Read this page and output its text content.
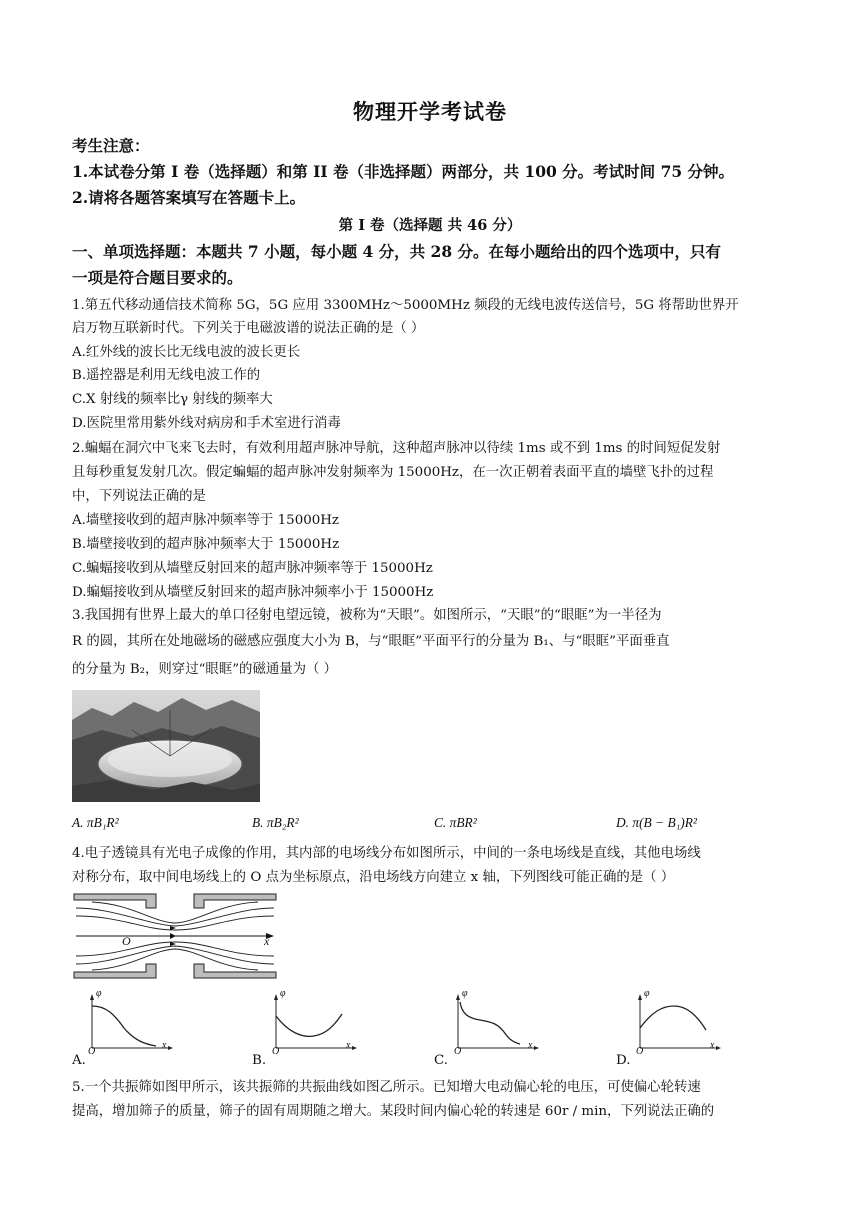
物理开学考试卷
考生注意：
1.本试卷分第 I 卷（选择题）和第 II 卷（非选择题）两部分，共 100 分。考试时间 75 分钟。
2.请将各题答案填写在答题卡上。
第 I 卷（选择题 共 46 分）
一、单项选择题：本题共 7 小题，每小题 4 分，共 28 分。在每小题给出的四个选项中，只有
一项是符合题目要求的。
1.第五代移动通信技术简称 5G，5G 应用 3300MHz～5000MHz 频段的无线电波传送信号，5G 将帮助世界开
启万物互联新时代。下列关于电磁波谱的说法正确的是（ ）
A.红外线的波长比无线电波的波长更长
B.遥控器是利用无线电波工作的
C.X 射线的频率比γ 射线的频率大
D.医院里常用紫外线对病房和手术室进行消毒
2.蝙蝠在洞穴中飞来飞去时，有效利用超声脉冲导航，这种超声脉冲以待续 1ms 或不到 1ms 的时间短促发射
且每秒重复发射几次。假定蝙蝠的超声脉冲发射频率为 15000Hz，在一次正朝着表面平直的墙壁飞扑的过程
中，下列说法正确的是
A.墙壁接收到的超声脉冲频率等于 15000Hz
B.墙壁接收到的超声脉冲频率大于 15000Hz
C.蝙蝠接收到从墙壁反射回来的超声脉冲频率等于 15000Hz
D.蝙蝠接收到从墙壁反射回来的超声脉冲频率小于 15000Hz
3.我国拥有世界上最大的单口径射电望远镜，被称为“天眼”。如图所示，“天眼”的“眼眶”为一半径为
R 的圆，其所在处地磁场的磁感应强度大小为 B，与“眼眶”平面平行的分量为 B₁、与“眼眶”平面垂直
的分量为 B₂，则穿过“眼眶”的磁通量为（ ）
A. πB₁R²	B. πB₂R²	C. πBR²	D. π(B − B₁)R²
4.电子透镜具有光电子成像的作用，其内部的电场线分布如图所示，中间的一条电场线是直线，其他电场线
对称分布，取中间电场线上的 O 点为坐标原点，沿电场线方向建立 x 轴，下列图线可能正确的是（ ）
O	x
φ
x
O
φ
x
O
φ
x
O
φ
x
O
A.	B.	C.	D.
5.一个共振筛如图甲所示，该共振筛的共振曲线如图乙所示。已知增大电动偏心轮的电压，可使偏心轮转速
提高，增加筛子的质量，筛子的固有周期随之增大。某段时间内偏心轮的转速是 60r / min，下列说法正确的
